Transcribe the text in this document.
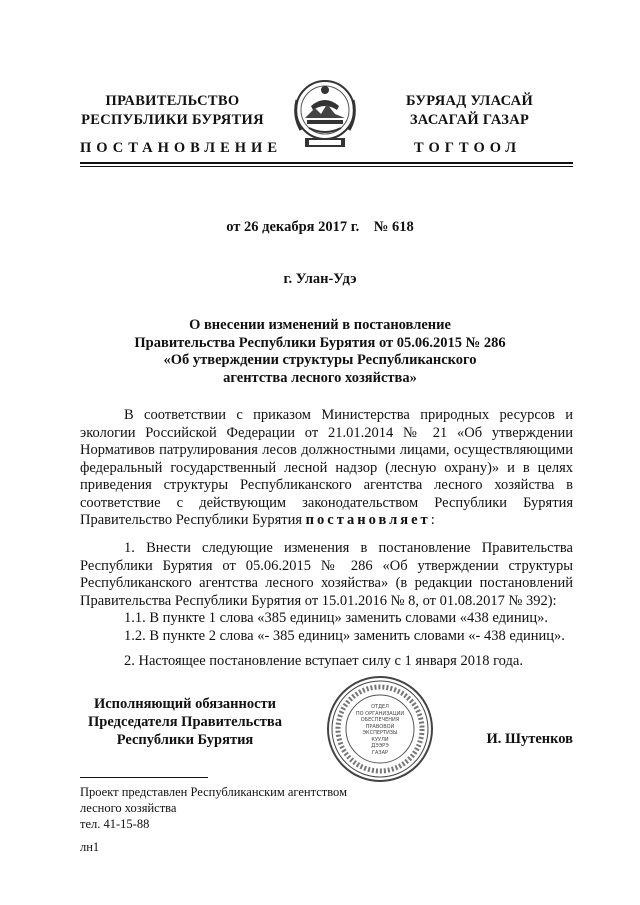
ПРАВИТЕЛЬСТВО
РЕСПУБЛИКИ БУРЯТИЯ
БУРЯАД УЛАСАЙ
ЗАСАГАЙ ГАЗАР
ПОСТАНОВЛЕНИЕ	ТОГТООЛ
от 26 декабря 2017 г.    № 618
г. Улан-Удэ
О внесении изменений в постановление
Правительства Республики Бурятия от 05.06.2015 № 286
«Об утверждении структуры Республиканского
агентства лесного хозяйства»

В соответствии с приказом Министерства природных ресурсов и экологии Российской Федерации от 21.01.2014 № 21 «Об утверждении Нормативов патрулирования лесов должностными лицами, осуществляющими федеральный государственный лесной надзор (лесную охрану)» и в целях приведения структуры Республиканского агентства лесного хозяйства в соответствие с действующим законодательством Республики Бурятия Правительство Республики Бурятия постановляет:

1. Внести следующие изменения в постановление Правительства Республики Бурятия от 05.06.2015 № 286 «Об утверждении структуры Республиканского агентства лесного хозяйства» (в редакции постановлений Правительства Республики Бурятия от 15.01.2016 № 8, от 01.08.2017 № 392):

1.1. В пункте 1 слова «385 единиц» заменить словами «438 единиц».

1.2. В пункте 2 слова «- 385 единиц» заменить словами «- 438 единиц».

2. Настоящее постановление вступает силу с 1 января 2018 года.

Исполняющий обязанности
Председателя Правительства
Республики Бурятия
ОТДЕЛ
ПО ОРГАНИЗАЦИИ
ОБЕСПЕЧЕНИЯ
ПРАВОВОЙ
ЭКСПЕРТИЗЫ
КУУЛИ
ДЭЭРЭ
ГАЗАР
И. Шутенков
Проект представлен Республиканским агентством
лесного хозяйства
тел. 41-15-88
лн1
